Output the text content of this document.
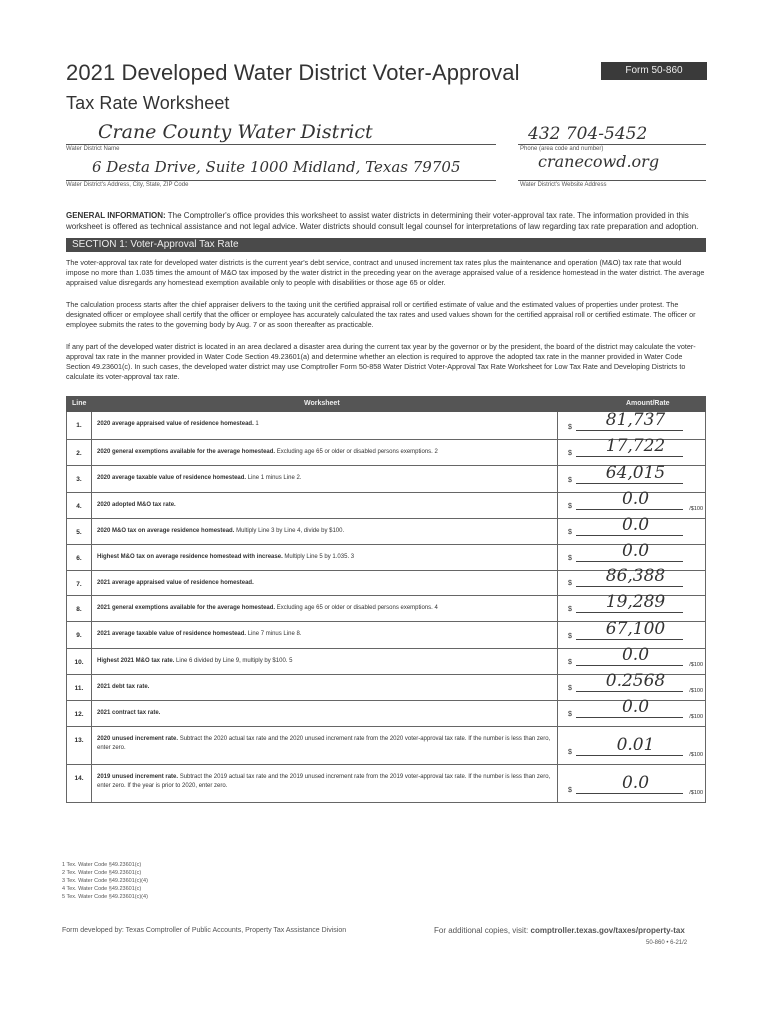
2021 Developed Water District Voter-Approval
Tax Rate Worksheet
Form 50-860
Crane County Water District
Water District Name
432 704-5452
Phone (area code and number)
6 Desta Drive, Suite 1000 Midland, Texas 79705
Water District's Address, City, State, ZIP Code
cranecowd.org
Water District's Website Address
GENERAL INFORMATION: The Comptroller's office provides this worksheet to assist water districts in determining their voter-approval tax rate. The information provided in this worksheet is offered as technical assistance and not legal advice. Water districts should consult legal counsel for interpretations of law regarding tax rate preparation and adoption.
SECTION 1: Voter-Approval Tax Rate
The voter-approval tax rate for developed water districts is the current year's debt service, contract and unused increment tax rates plus the maintenance and operation (M&O) tax rate that would impose no more than 1.035 times the amount of M&O tax imposed by the water district in the preceding year on the average appraised value of a residence homestead in the water district. The average appraised value disregards any homestead exemption available only to people with disabilities or those age 65 or older.
The calculation process starts after the chief appraiser delivers to the taxing unit the certified appraisal roll or certified estimate of value and the estimated values of properties under protest. The designated officer or employee shall certify that the officer or employee has accurately calculated the tax rates and used values shown for the certified appraisal roll or certified estimate. The officer or employee submits the rates to the governing body by Aug. 7 or as soon thereafter as practicable.
If any part of the developed water district is located in an area declared a disaster area during the current tax year by the governor or by the president, the board of the district may calculate the voter-approval tax rate in the manner provided in Water Code Section 49.23601(a) and determine whether an election is required to approve the adopted tax rate in the manner provided in Water Code Section 49.23601(c). In such cases, the developed water district may use Comptroller Form 50-858 Water District Voter-Approval Tax Rate Worksheet for Low Tax Rate and Developing Districts to calculate its voter-approval tax rate.
Line	Worksheet	Amount/Rate
1.	2020 average appraised value of residence homestead. 1	$	81,737
2.	2020 general exemptions available for the average homestead. Excluding age 65 or older or disabled persons exemptions. 2	$	17,722
3.	2020 average taxable value of residence homestead. Line 1 minus Line 2.	$	64,015
4.	2020 adopted M&O tax rate.	$	0.0	/$100
5.	2020 M&O tax on average residence homestead. Multiply Line 3 by Line 4, divide by $100.	$	0.0
6.	Highest M&O tax on average residence homestead with increase. Multiply Line 5 by 1.035. 3	$	0.0
7.	2021 average appraised value of residence homestead.	$	86,388
8.	2021 general exemptions available for the average homestead. Excluding age 65 or older or disabled persons exemptions. 4	$	19,289
9.	2021 average taxable value of residence homestead. Line 7 minus Line 8.	$	67,100
10.	Highest 2021 M&O tax rate. Line 6 divided by Line 9, multiply by $100. 5	$	0.0	/$100
11.	2021 debt tax rate.	$	0.2568	/$100
12.	2021 contract tax rate.	$	0.0	/$100
13.	2020 unused increment rate. Subtract the 2020 actual tax rate and the 2020 unused increment rate from the 2020 voter-approval tax rate. If the number is less than zero, enter zero.
$	0.01	/$100
14.	2019 unused increment rate. Subtract the 2019 actual tax rate and the 2019 unused increment rate from the 2019 voter-approval tax rate. If the number is less than zero, enter zero. If the year is prior to 2020, enter zero.
$	0.0	/$100
1 Tex. Water Code §49.23601(c)
2 Tex. Water Code §49.23601(c)
3 Tex. Water Code §49.23601(c)(4)
4 Tex. Water Code §49.23601(c)
5 Tex. Water Code §49.23601(c)(4)
Form developed by: Texas Comptroller of Public Accounts, Property Tax Assistance Division	For additional copies, visit: comptroller.texas.gov/taxes/property-tax
50-860 • 6-21/2
